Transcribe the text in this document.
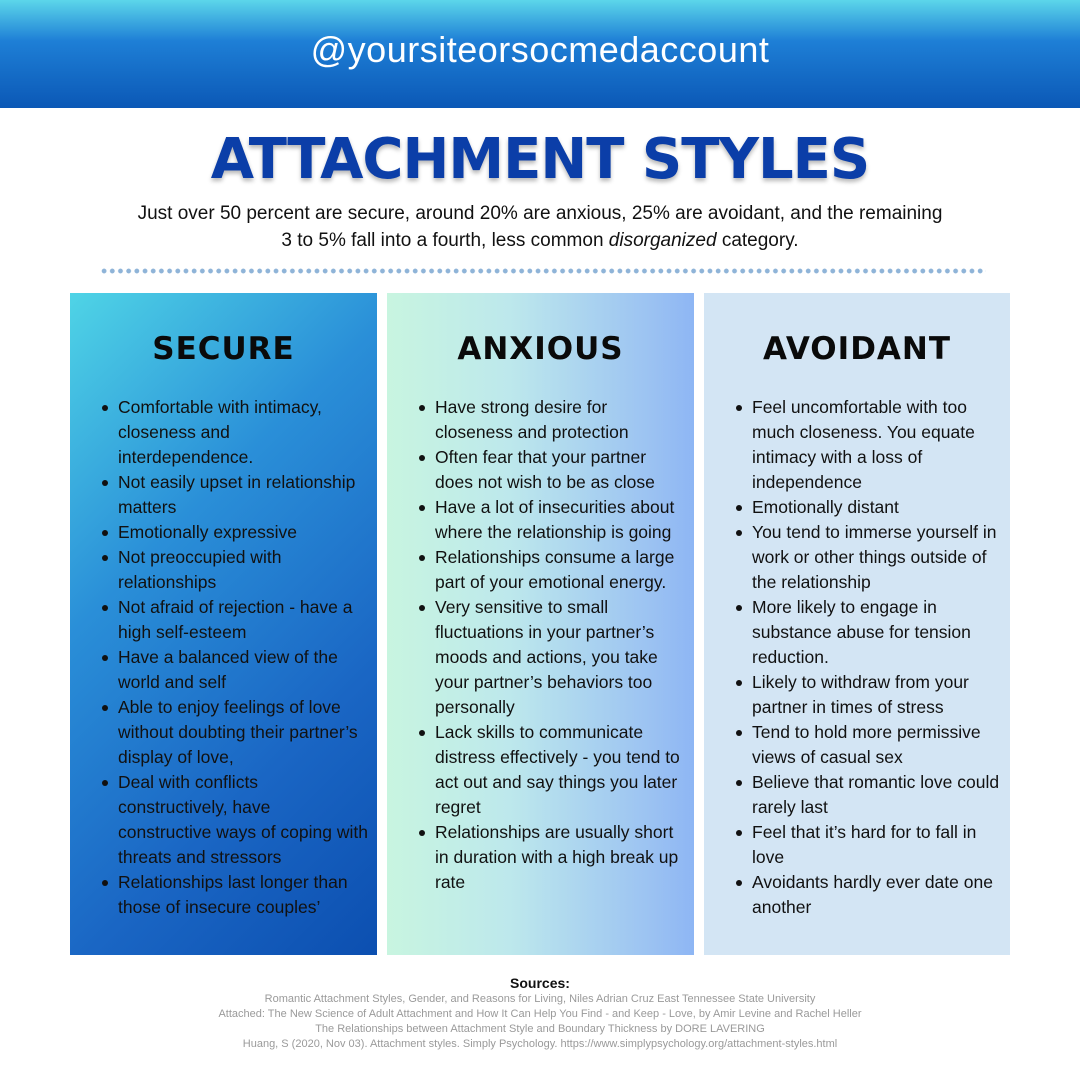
@yoursiteorsocmedaccount
ATTACHMENT STYLES
Just over 50 percent are secure, around 20% are anxious, 25% are avoidant, and the remaining
3 to 5% fall into a fourth, less common disorganized category.
SECURE
Comfortable with intimacy, closeness and interdependence.
Not easily upset in relationship matters
Emotionally expressive
Not preoccupied with relationships
Not afraid of rejection - have a high self-esteem
Have a balanced view of the world and self
Able to enjoy feelings of love without doubting their partner’s display of love,
Deal with conflicts constructively, have constructive ways of coping with threats and stressors
Relationships last longer than those of insecure couples’
ANXIOUS
Have strong desire for closeness and protection
Often fear that your partner does not wish to be as close
Have a lot of insecurities about where the relationship is going
Relationships consume a large part of your emotional energy.
Very sensitive to small fluctuations in your partner’s moods and actions, you take your partner’s behaviors too personally
Lack skills to communicate distress effectively - you tend to act out and say things you later regret
Relationships are usually short in duration with a high break up rate
AVOIDANT
Feel uncomfortable with too much closeness. You equate intimacy with a loss of independence
Emotionally distant
You tend to immerse yourself in work or other things outside of the relationship
More likely to engage in substance abuse for tension reduction.
Likely to withdraw from your partner in times of stress
Tend to hold more permissive views of casual sex
Believe that romantic love could rarely last
Feel that it’s hard for to fall in love
Avoidants hardly ever date one another
Sources:
Romantic Attachment Styles, Gender, and Reasons for Living, Niles Adrian Cruz East Tennessee State University
Attached: The New Science of Adult Attachment and How It Can Help You Find - and Keep - Love, by Amir Levine and Rachel Heller
The Relationships between Attachment Style and Boundary Thickness by DORE LAVERING
Huang, S (2020, Nov 03). Attachment styles. Simply Psychology. https://www.simplypsychology.org/attachment-styles.html
